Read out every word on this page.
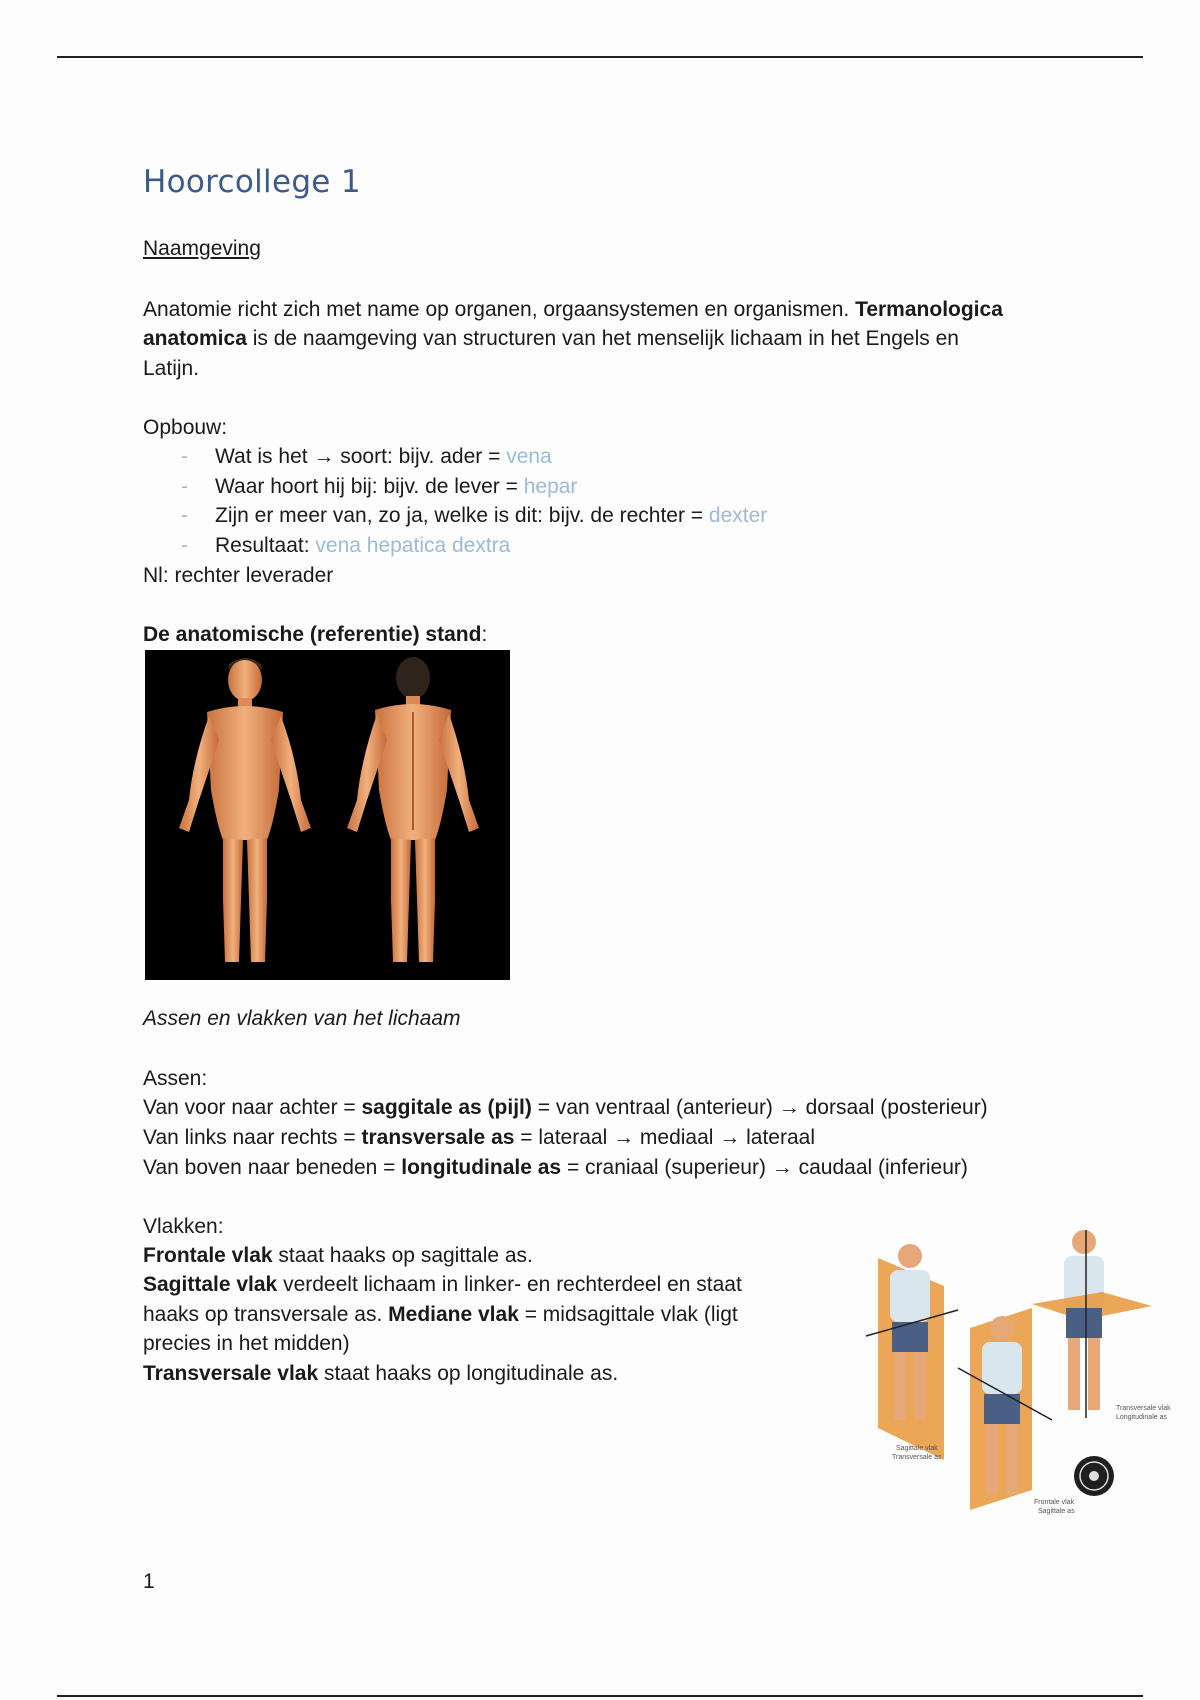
Hoorcollege 1
Naamgeving
Anatomie richt zich met name op organen, orgaansystemen en organismen. Termanologica
anatomica is de naamgeving van structuren van het menselijk lichaam in het Engels en
Latijn.
Opbouw:
- Wat is het → soort: bijv. ader = vena
- Waar hoort hij bij: bijv. de lever = hepar
- Zijn er meer van, zo ja, welke is dit: bijv. de rechter = dexter
- Resultaat: vena hepatica dextra
Nl: rechter leverader
De anatomische (referentie) stand:
Assen en vlakken van het lichaam
Assen:
Van voor naar achter = saggitale as (pijl) = van ventraal (anterieur) → dorsaal (posterieur)
Van links naar rechts = transversale as = lateraal → mediaal → lateraal
Van boven naar beneden = longitudinale as = craniaal (superieur) → caudaal (inferieur)
Vlakken:
Frontale vlak staat haaks op sagittale as.
Sagittale vlak verdeelt lichaam in linker- en rechterdeel en staat
haaks op transversale as. Mediane vlak = midsagittale vlak (ligt
precies in het midden)
Transversale vlak staat haaks op longitudinale as.
Transversale vlak
Longitudinale as
Frontale vlak
Sagittale as
Sagittale vlak
Transversale as
1
